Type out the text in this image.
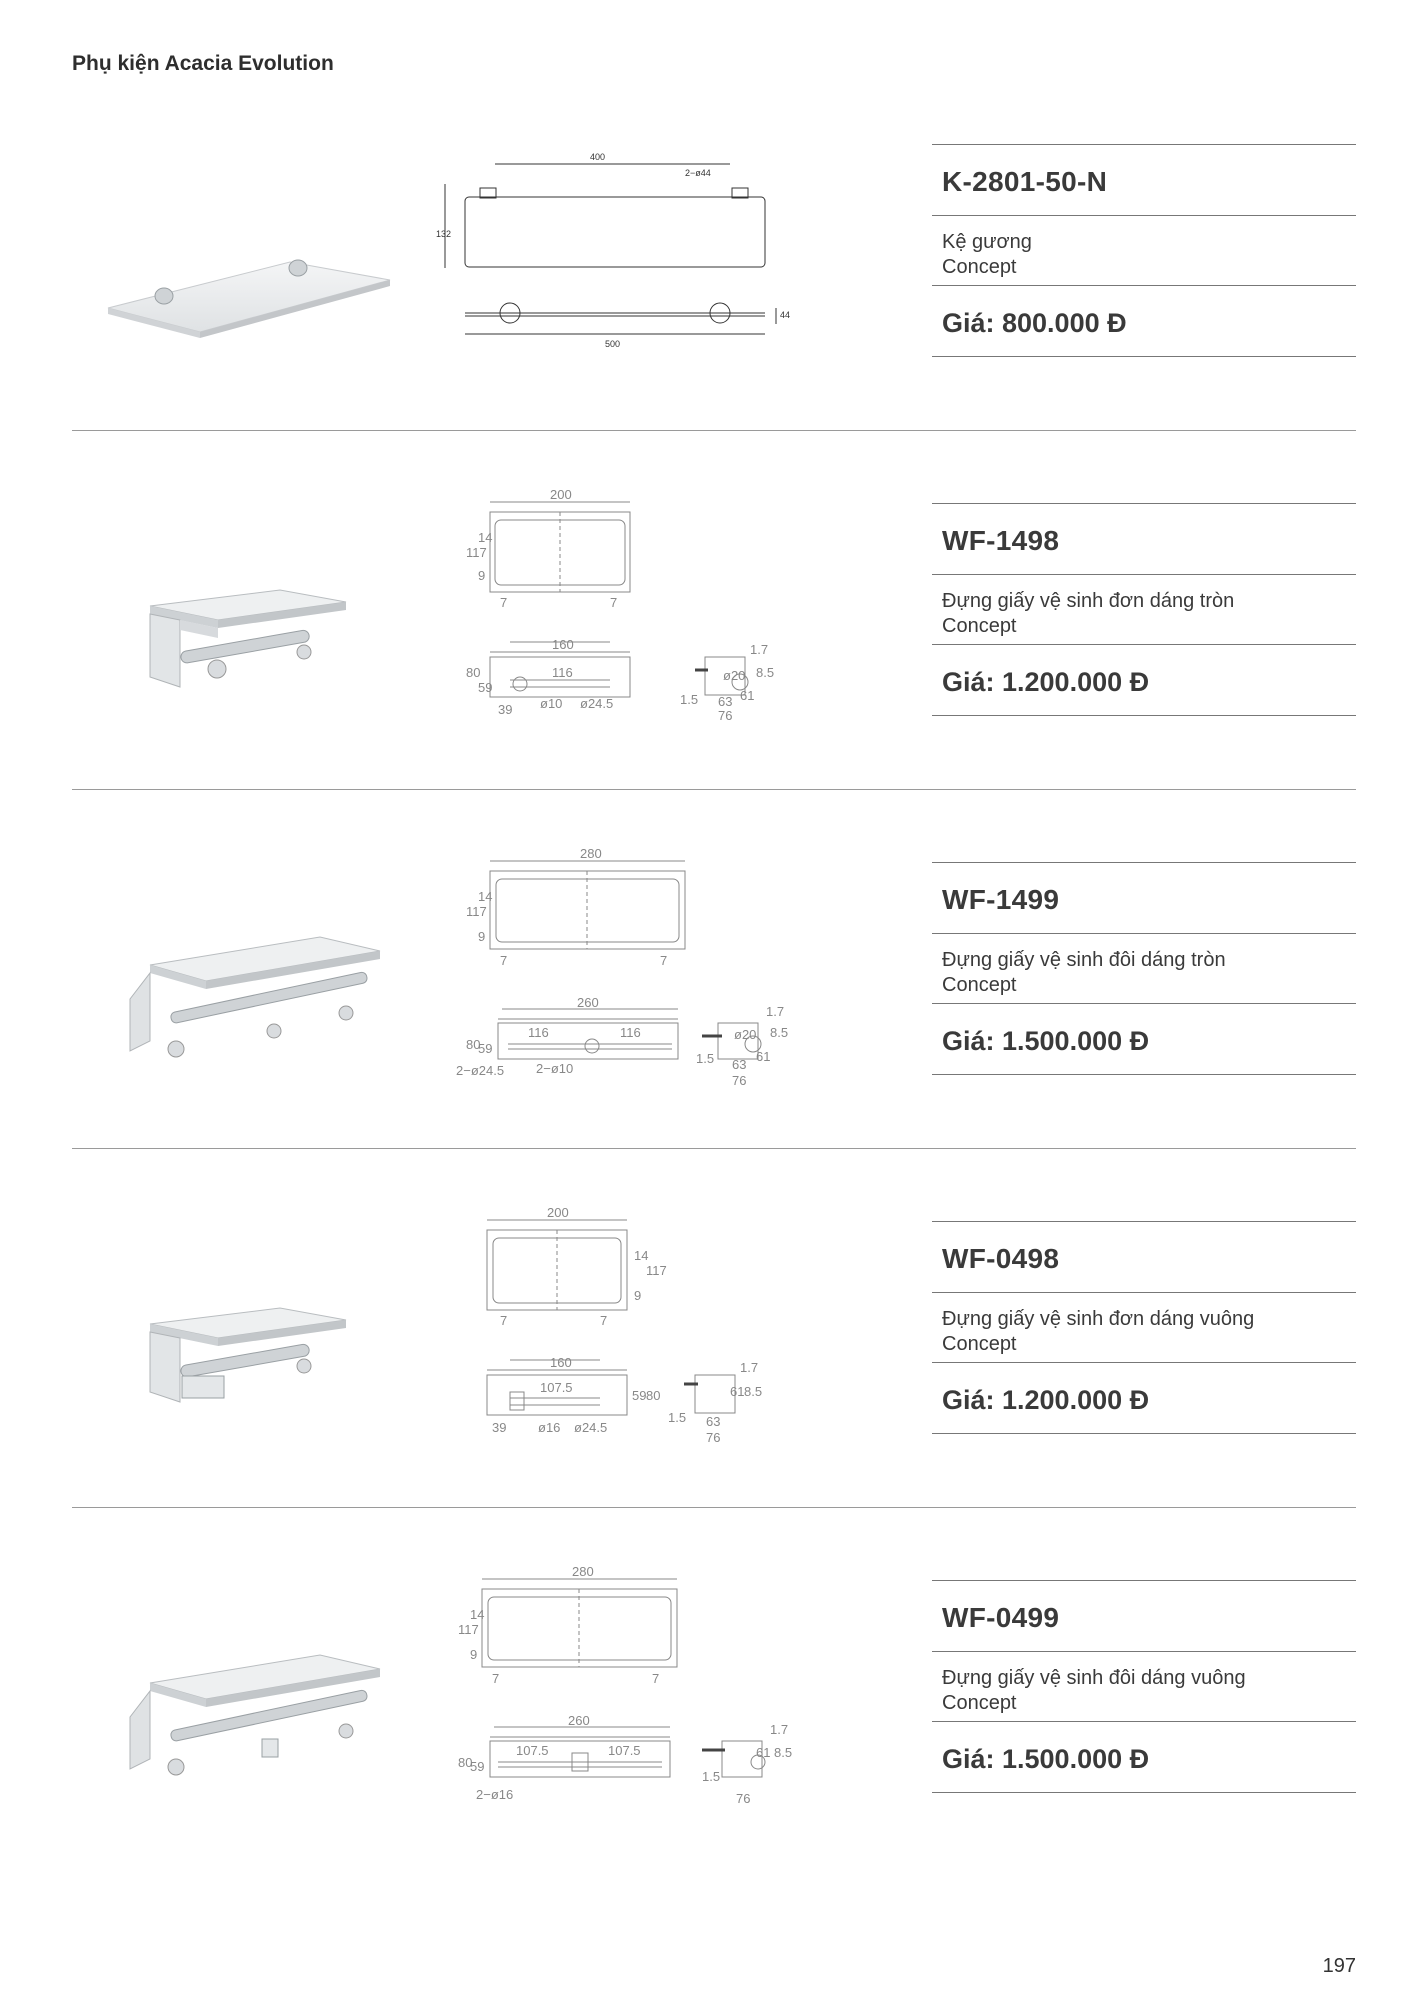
Phụ kiện Acacia Evolution
400
2−ø44
132
500
44
K-2801-50-N
Kệ gương
Concept
Giá: 800.000 Đ
200
117
14
9
7	7
160
116
80
59
39 ø10 ø24.5
1.7
ø20
61
8.5
1.5 63
76
WF-1498
Đựng giấy vệ sinh đơn dáng tròn
Concept
Giá: 1.200.000 Đ
280
117
14
9
7	7
260
116	116
80
59
2−ø24.5 2−ø10
1.7
ø20
61
8.5
1.5 63
76
WF-1499
Đựng giấy vệ sinh đôi dáng tròn
Concept
Giá: 1.500.000 Đ
200
14
117
9
7	7
160
107.5
59 80
39 ø16 ø24.5
1.7
61 8.5
1.5 63
76
WF-0498
Đựng giấy vệ sinh đơn dáng vuông
Concept
Giá: 1.200.000 Đ
280
117
14
9
7	7
260
107.5	107.5
80
59
2−ø16
1.7
61 8.5
1.5
76
WF-0499
Đựng giấy vệ sinh đôi dáng vuông
Concept
Giá: 1.500.000 Đ
197
